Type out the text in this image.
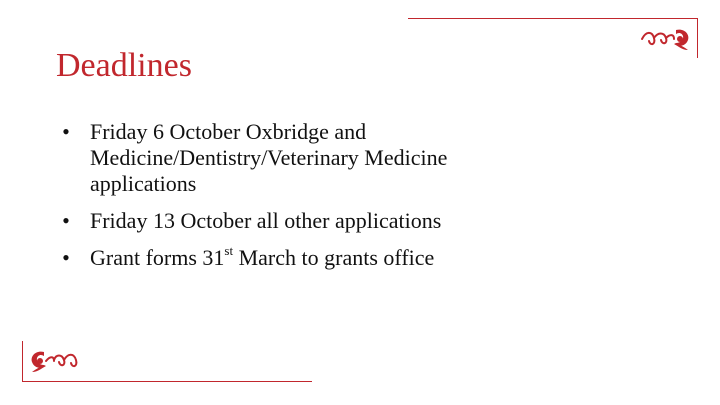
Deadlines
• Friday 6 October Oxbridge and
Medicine/Dentistry/Veterinary Medicine
applications
• Friday 13 October all other applications
• Grant forms 31st March to grants office
